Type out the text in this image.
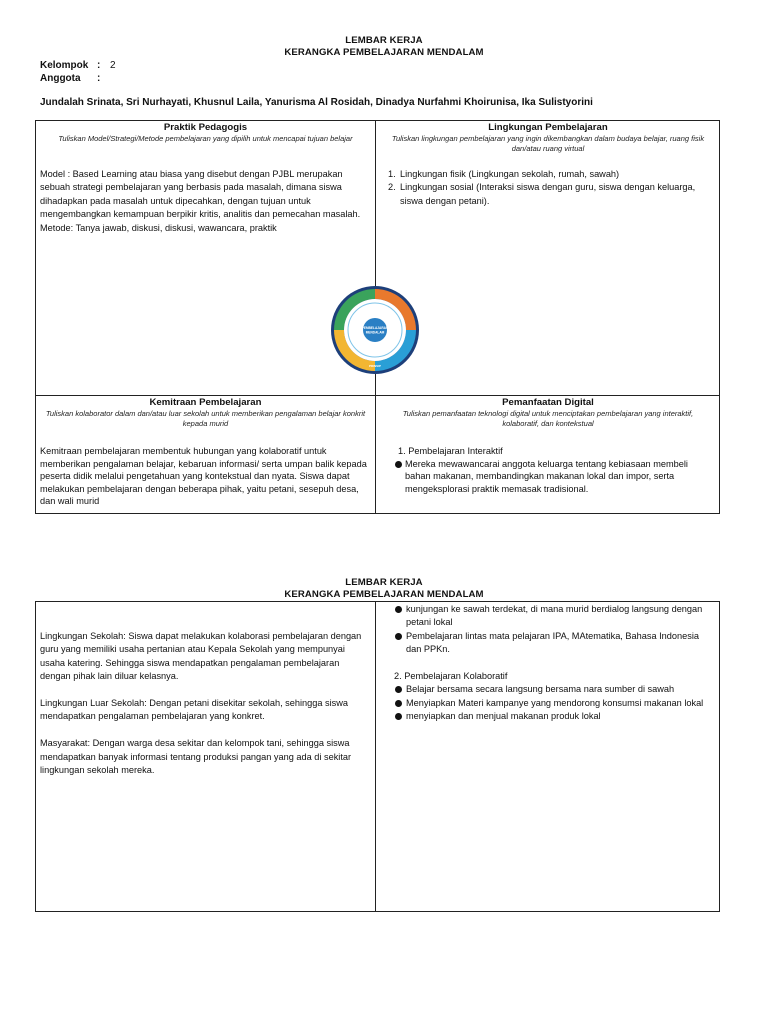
LEMBAR KERJA
KERANGKA PEMBELAJARAN MENDALAM
Kelompok : 2
Anggota :
Jundalah Srinata, Sri Nurhayati, Khusnul Laila, Yanurisma Al Rosidah, Dinadya Nurfahmi Khoirunisa, Ika Sulistyorini
Praktik Pedagogis
Tuliskan Model/Strategi/Metode pembelajaran yang dipilih untuk mencapai tujuan belajar

Model : Based Learning atau biasa yang disebut dengan PJBL merupakan sebuah strategi pembelajaran yang berbasis pada masalah, dimana siswa dihadapkan pada masalah untuk dipecahkan, dengan tujuan untuk mengembangkan kemampuan berpikir kritis, analitis dan pemecahan masalah.

Metode: Tanya jawab, diskusi, diskusi, wawancara, praktik

Lingkungan Pembelajaran
Tuliskan lingkungan pembelajaran yang ingin dikembangkan dalam budaya belajar, ruang fisik dan/atau ruang virtual
1. Lingkungan fisik (Lingkungan sekolah, rumah, sawah)
2. Lingkungan sosial (Interaksi siswa dengan guru, siswa dengan keluarga, siswa dengan petani).
Kemitraan Pembelajaran
Tuliskan kolaborator dalam dan/atau luar sekolah untuk memberikan pengalaman belajar konkrit kepada murid
Kemitraan pembelajaran membentuk hubungan yang kolaboratif untuk memberikan pengalaman belajar, kebaruan informasi/ serta umpan balik kepada peserta didik melalui pengetahuan yang kontekstual dan nyata. Siswa dapat melakukan pembelajaran dengan beberapa pihak, yaitu petani, sesepuh desa, dan wali murid
Pemanfaatan Digital
Tuliskan pemanfaatan teknologi digital untuk menciptakan pembelajaran yang interaktif, kolaboratif, dan kontekstual
1. Pembelajaran Interaktif
Mereka mewawancarai anggota keluarga tentang kebiasaan membeli bahan makanan, membandingkan makanan lokal dan impor, serta mengeksplorasi praktik memasak tradisional.
PEMBELAJARAN
MENDALAM
PRINSIP
LEMBAR KERJA
KERANGKA PEMBELAJARAN MENDALAM

Lingkungan Sekolah: Siswa dapat melakukan kolaborasi pembelajaran dengan guru yang memiliki usaha pertanian atau Kepala Sekolah yang mempunyai usaha katering. Sehingga siswa mendapatkan pengalaman pembelajaran dengan pihak lain diluar kelasnya.

Lingkungan Luar Sekolah: Dengan petani disekitar sekolah, sehingga siswa mendapatkan pengalaman pembelajaran yang konkret.

Masyarakat: Dengan warga desa sekitar dan kelompok tani, sehingga siswa mendapatkan banyak informasi tentang produksi pangan yang ada di sekitar lingkungan sekolah mereka.

kunjungan ke sawah terdekat, di mana murid berdialog langsung dengan petani lokal
Pembelajaran lintas mata pelajaran IPA, MAtematika, Bahasa Indonesia dan PPKn.
2. Pembelajaran Kolaboratif
Belajar bersama secara langsung bersama nara sumber di sawah
Menyiapkan Materi kampanye yang mendorong konsumsi makanan lokal
menyiapkan dan menjual makanan produk lokal
